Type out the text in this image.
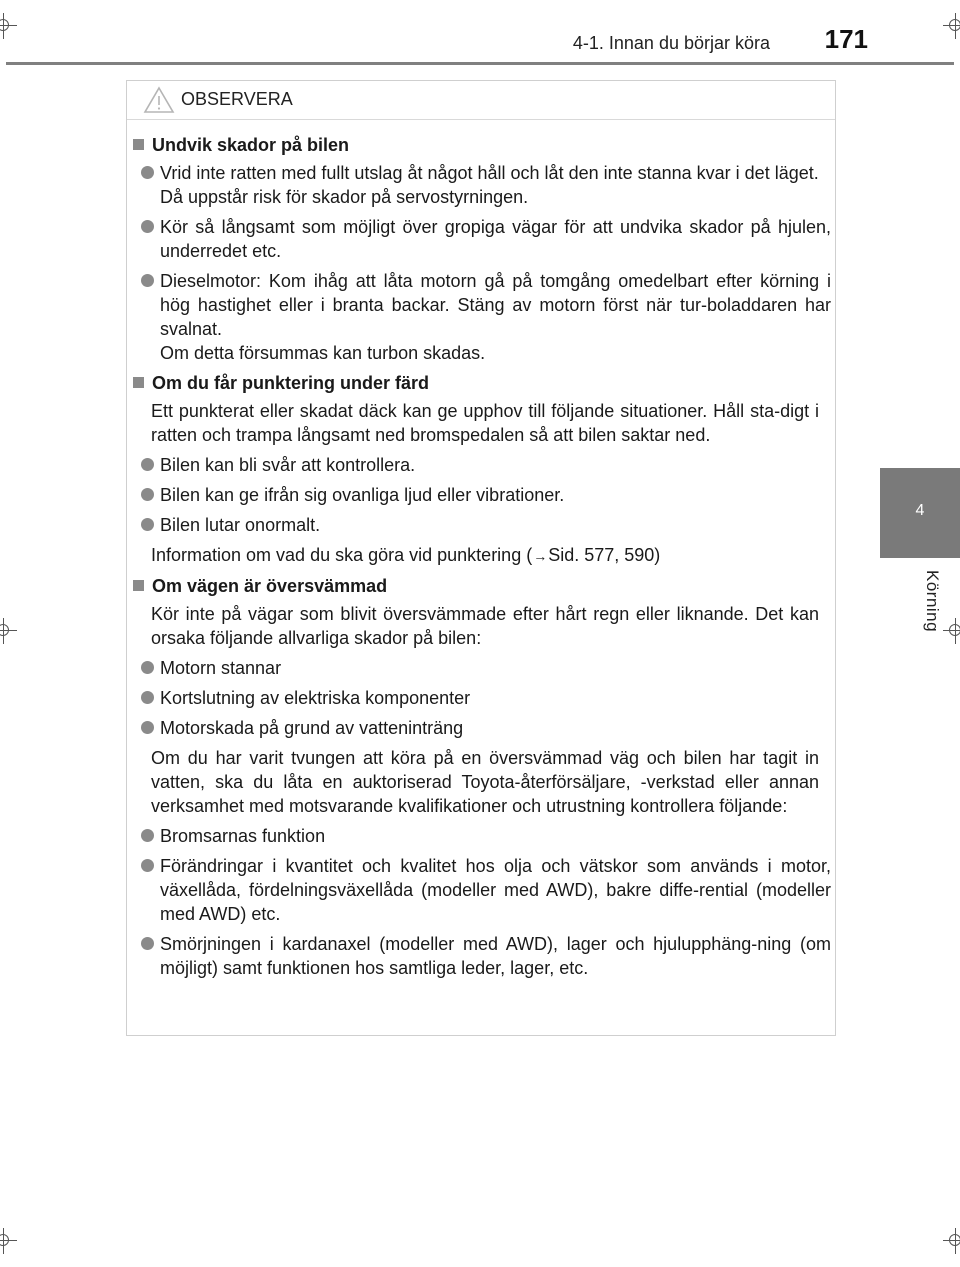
4-1. Innan du börjar köra 171
4
Körning
OBSERVERA
Undvik skador på bilen

Vrid inte ratten med fullt utslag åt något håll och låt den inte stanna kvar i det läget.

Då uppstår risk för skador på servostyrningen.

Kör så långsamt som möjligt över gropiga vägar för att undvika skador på hjulen, underredet etc.

Dieselmotor: Kom ihåg att låta motorn gå på tomgång omedelbart efter körning i hög hastighet eller i branta backar. Stäng av motorn först när tur-boladdaren har svalnat.

Om detta försummas kan turbon skadas.

Om du får punktering under färd

Ett punkterat eller skadat däck kan ge upphov till följande situationer. Håll sta-digt i ratten och trampa långsamt ned bromspedalen så att bilen saktar ned.

Bilen kan bli svår att kontrollera.

Bilen kan ge ifrån sig ovanliga ljud eller vibrationer.

Bilen lutar onormalt.

Information om vad du ska göra vid punktering (→Sid. 577, 590)
Om vägen är översvämmad

Kör inte på vägar som blivit översvämmade efter hårt regn eller liknande. Det kan orsaka följande allvarliga skador på bilen:

Motorn stannar

Kortslutning av elektriska komponenter

Motorskada på grund av vatteninträng

Om du har varit tvungen att köra på en översvämmad väg och bilen har tagit in vatten, ska du låta en auktoriserad Toyota-återförsäljare, -verkstad eller annan verksamhet med motsvarande kvalifikationer och utrustning kontrollera följande:

Bromsarnas funktion

Förändringar i kvantitet och kvalitet hos olja och vätskor som används i motor, växellåda, fördelningsväxellåda (modeller med AWD), bakre diffe-rential (modeller med AWD) etc.

Smörjningen i kardanaxel (modeller med AWD), lager och hjulupphäng-ning (om möjligt) samt funktionen hos samtliga leder, lager, etc.
